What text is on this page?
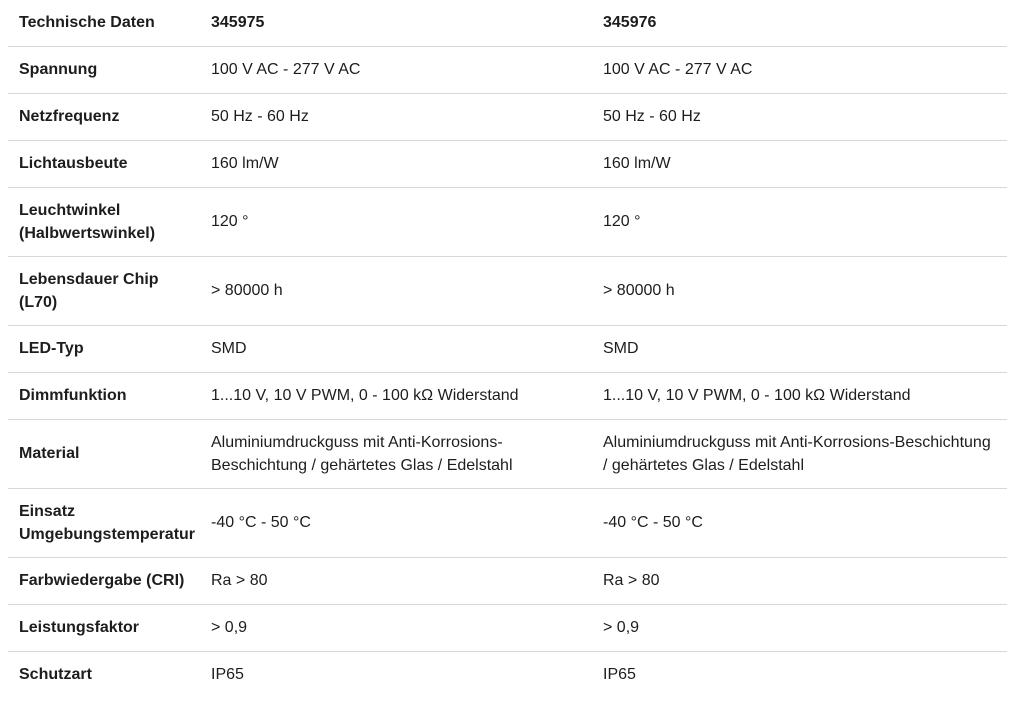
Technische Daten	345975	345976
Spannung	100 V AC - 277 V AC	100 V AC - 277 V AC
Netzfrequenz	50 Hz - 60 Hz	50 Hz - 60 Hz
Lichtausbeute	160 lm/W	160 lm/W
Leuchtwinkel (Halbwertswinkel)	120 °	120 °
Lebensdauer Chip (L70)	> 80000 h	> 80000 h
LED-Typ	SMD	SMD
Dimmfunktion	1...10 V, 10 V PWM, 0 - 100 kΩ Widerstand	1...10 V, 10 V PWM, 0 - 100 kΩ Widerstand
Material	Aluminiumdruckguss mit Anti-Korrosions-Beschichtung / gehärtetes Glas / Edelstahl	Aluminiumdruckguss mit Anti-Korrosions-Beschichtung / gehärtetes Glas / Edelstahl
Einsatz Umgebungstemperatur	-40 °C - 50 °C	-40 °C - 50 °C
Farbwiedergabe (CRI)	Ra > 80	Ra > 80
Leistungsfaktor	> 0,9	> 0,9
Schutzart	IP65	IP65
